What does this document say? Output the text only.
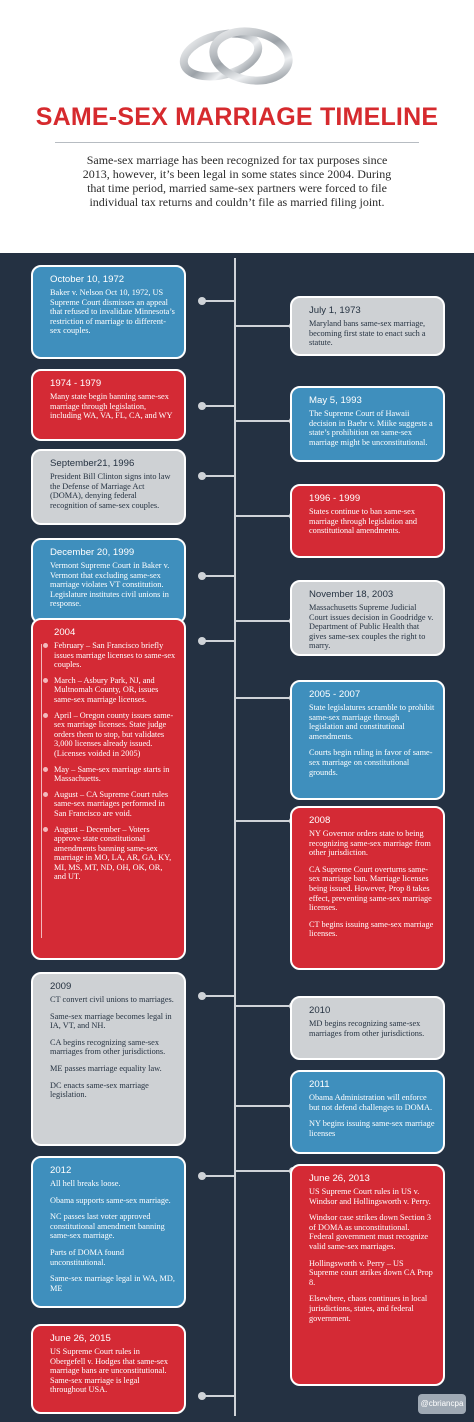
SAME-SEX MARRIAGE TIMELINE
Same-sex marriage has been recognized for tax purposes since 2013, however, it’s been legal in some states since 2004. During that time period, married same-sex partners were forced to file individual tax returns and couldn’t file as married filing joint.
October 10, 1972

Baker v. Nelson Oct 10, 1972, US Supreme Court dismisses an appeal that refused to invalidate Minnesota’s restriction of marriage to different-sex couples.

1974 - 1979

Many state begin banning same-sex marriage through legislation, including WA, VA, FL, CA, and WY

September21, 1996

President Bill Clinton signs into law the Defense of Marriage Act (DOMA), denying federal recognition of same-sex couples.

December 20, 1999

Vermont Supreme Court in Baker v. Vermont that excluding same-sex marriage violates VT constitution. Legislature institutes civil unions in response.

2004
February – San Francisco briefly issues marriage licenses to same-sex couples.
March – Asbury Park, NJ, and Multnomah County, OR, issues same-sex marriage licenses.
April – Oregon county issues same-sex marriage licenses. State judge orders them to stop, but validates 3,000 licenses already issued. (Licenses voided in 2005)
May – Same-sex marriage starts in Massachuetts.
August – CA Supreme Court rules same-sex marriages performed in San Francisco are void.
August – December – Voters approve state constitutional amendments banning same-sex marriage in MO, LA, AR, GA, KY, MI, MS, MT, ND, OH, OK, OR, and UT.
2009

CT convert civil unions to marriages.

Same-sex marriage becomes legal in IA, VT, and NH.

CA begins recognizing same-sex marriages from other jurisdictions.

ME passes marriage equality law.

DC enacts same-sex marriage legislation.

2012

All hell breaks loose.

Obama supports same-sex marriage.

NC passes last voter approved constitutional amendment banning same-sex marriage.

Parts of DOMA found unconstitutional.

Same-sex marriage legal in WA, MD, ME

June 26, 2015

US Supreme Court rules in Obergefell v. Hodges that same-sex marriage bans are unconstitutional. Same-sex marriage is legal throughout USA.

July 1, 1973

Maryland bans same-sex marriage, becoming first state to enact such a statute.

May 5, 1993

The Supreme Court of Hawaii decision in Baehr v. Miike suggests a state’s prohibition on same-sex marriage might be unconstitutional.

1996 - 1999

States continue to ban same-sex marriage through legislation and constitutional amendments.

November 18, 2003

Massachusetts Supreme Judicial Court issues decision in Goodridge v. Department of Public Health that gives same-sex couples the right to marry.

2005 - 2007

State legislatures scramble to prohibit same-sex marriage through legislation and constitutional amendments.

Courts begin ruling in favor of same-sex marriage on constitutional grounds.

2008

NY Governor orders state to being recognizing same-sex marriage from other jurisdiction.

CA Supreme Court overturns same-sex marriage ban. Marriage licenses being issued. However, Prop 8 takes effect, preventing same-sex marriage licenses.

CT begins issuing same-sex marriage licenses.

2010

MD begins recognizing same-sex marriages from other jurisdictions.

2011

Obama Administration will enforce but not defend challenges to DOMA.

NY begins issuing same-sex marriage licenses

June 26, 2013

US Supreme Court rules in US v. Windsor and Hollingsworth v. Perry.

Windsor case strikes down Section 3 of DOMA as unconstitutional. Federal government must recognize valid same-sex marriages.

Hollingsworth v. Perry – US Supreme court strikes down CA Prop 8.

Elsewhere, chaos continues in local jurisdictions, states, and federal government.

@cbriancpa
